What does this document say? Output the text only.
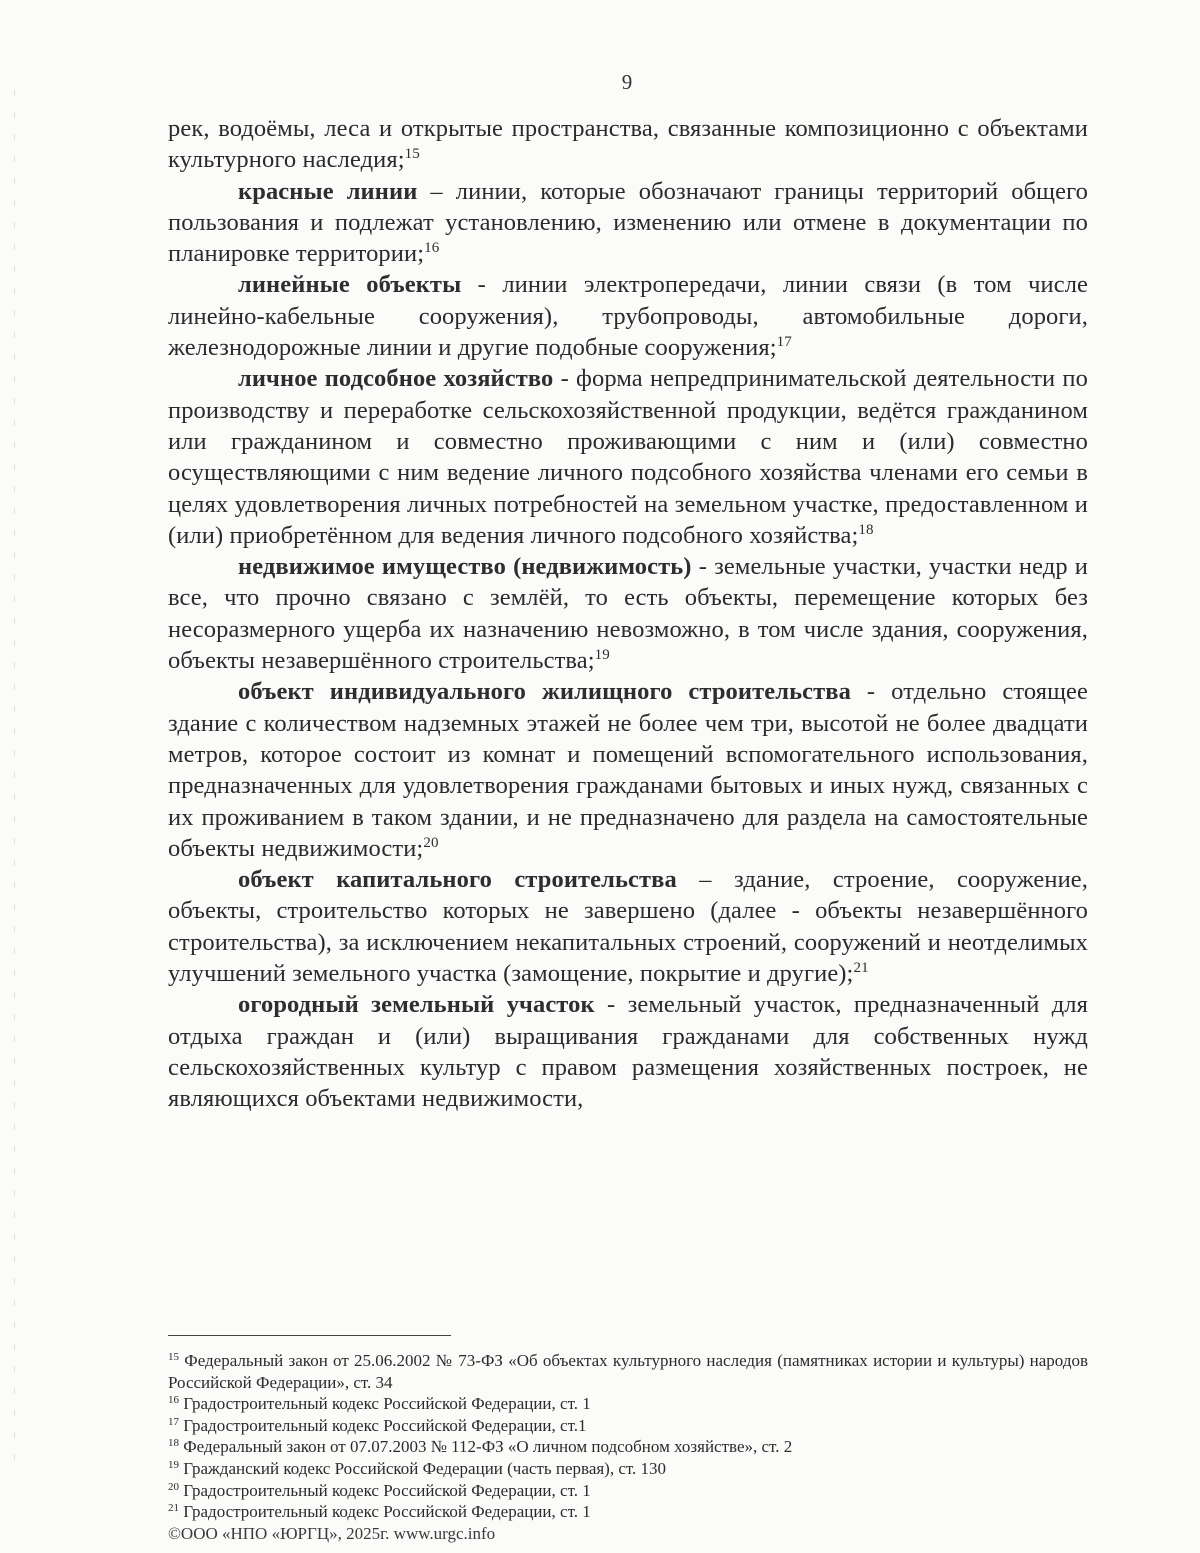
9

рек, водоёмы, леса и открытые пространства, связанные композиционно с объектами культурного наследия;$^{15}$

красные линии – линии, которые обозначают границы территорий общего пользования и подлежат установлению, изменению или отмене в документации по планировке территории;$^{16}$

линейные объекты - линии электропередачи, линии связи (в том числе линейно-кабельные сооружения), трубопроводы, автомобильные дороги, железнодорожные линии и другие подобные сооружения;$^{17}$

личное подсобное хозяйство - форма непредпринимательской деятельности по производству и переработке сельскохозяйственной продукции, ведётся гражданином или гражданином и совместно проживающими с ним и (или) совместно осуществляющими с ним ведение личного подсобного хозяйства членами его семьи в целях удовлетворения личных потребностей на земельном участке, предоставленном и (или) приобретённом для ведения личного подсобного хозяйства;$^{18}$

недвижимое имущество (недвижимость) - земельные участки, участки недр и все, что прочно связано с землёй, то есть объекты, перемещение которых без несоразмерного ущерба их назначению невозможно, в том числе здания, сооружения, объекты незавершённого строительства;$^{19}$

объект индивидуального жилищного строительства - отдельно стоящее здание с количеством надземных этажей не более чем три, высотой не более двадцати метров, которое состоит из комнат и помещений вспомогательного использования, предназначенных для удовлетворения гражданами бытовых и иных нужд, связанных с их проживанием в таком здании, и не предназначено для раздела на самостоятельные объекты недвижимости;$^{20}$

объект капитального строительства – здание, строение, сооружение, объекты, строительство которых не завершено (далее - объекты незавершённого строительства), за исключением некапитальных строений, сооружений и неотделимых улучшений земельного участка (замощение, покрытие и другие);$^{21}$

огородный земельный участок - земельный участок, предназначенный для отдыха граждан и (или) выращивания гражданами для собственных нужд сельскохозяйственных культур с правом размещения хозяйственных построек, не являющихся объектами недвижимости,

$^{15}$ Федеральный закон от 25.06.2002 № 73-ФЗ «Об объектах культурного наследия (памятниках истории и культуры) народов Российской Федерации», ст. 34

$^{16}$ Градостроительный кодекс Российской Федерации, ст. 1

$^{17}$ Градостроительный кодекс Российской Федерации, ст.1

$^{18}$ Федеральный закон от 07.07.2003 № 112-ФЗ «О личном подсобном хозяйстве», ст. 2

$^{19}$ Гражданский кодекс Российской Федерации (часть первая), ст. 130

$^{20}$ Градостроительный кодекс Российской Федерации, ст. 1

$^{21}$ Градостроительный кодекс Российской Федерации, ст. 1

©ООО «НПО «ЮРГЦ», 2025г. www.urgc.info
